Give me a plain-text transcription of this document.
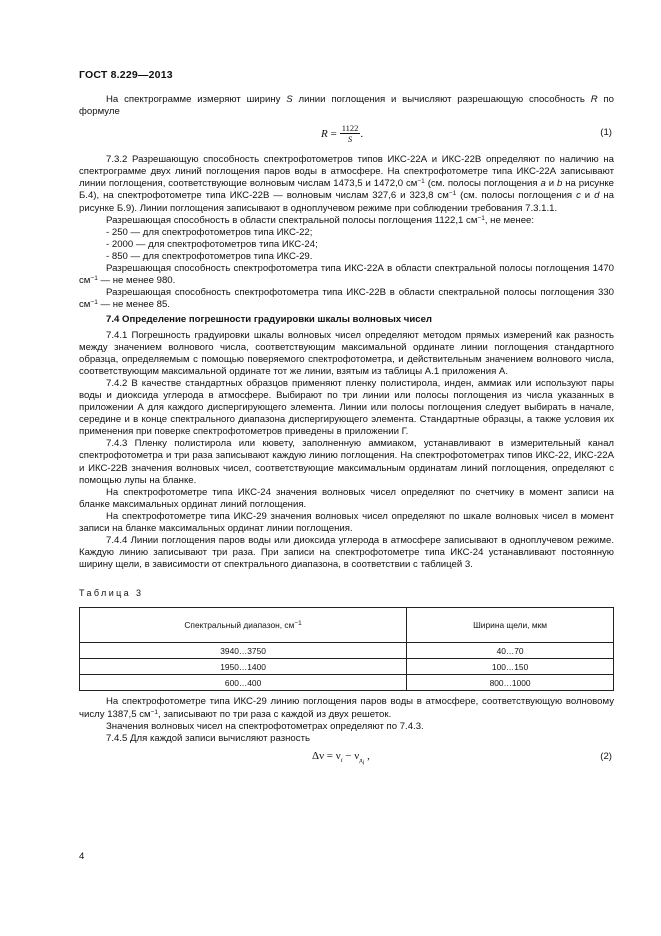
ГОСТ 8.229—2013

На спектрограмме измеряют ширину S линии поглощения и вычисляют разрешающую способность R по формуле

R
= $\frac{1122}{S}$ .	(1)

7.3.2 Разрешающую способность спектрофотометров типов ИКС-22А и ИКС-22В определяют по наличию на спектрограмме двух линий поглощения паров воды в атмосфере. На спектрофотометре типа ИКС-22А записывают линии поглощения, соответствующие волновым числам 1473,5 и 1472,0 $см^{-1}$ (см. полосы поглощения a и b на рисунке Б.4), на спектрофотометре типа ИКС-22В — волновым числам 327,6 и 323,8 $см^{-1}$ (см. полосы поглощения c и d на рисунке Б.9). Линии поглощения записывают в одноплучевом режиме при соблюдении требования 7.3.1.1.

Разрешающая способность в области спектральной полосы поглощения 1122,1 $см^{-1}$, не менее:

- 250 — для спектрофотометров типа ИКС-22;

- 2000 — для спектрофотометров типа ИКС-24;

- 850 — для спектрофотометров типа ИКС-29.

Разрешающая способность спектрофотометра типа ИКС-22А в области спектральной полосы поглощения 1470 $см^{-1}$ — не менее 980.

Разрешающая способность спектрофотометра типа ИКС-22В в области спектральной полосы поглощения 330 $см^{-1}$ — не менее 85.

7.4 Определение погрешности градуировки шкалы волновых чисел

7.4.1 Погрешность градуировки шкалы волновых чисел определяют методом прямых измерений как разность между значением волнового числа, соответствующим максимальной ординате линии поглощения стандартного образца, определяемым с помощью поверяемого спектрофотометра, и действительным значением волнового числа, соответствующим максимальной ординате тот же линии, взятым из таблицы А.1 приложения А.

7.4.2 В качестве стандартных образцов применяют пленку полистирола, инден, аммиак или используют пары воды и диоксида углерода в атмосфере. Выбирают по три линии или полосы поглощения из числа указанных в приложении А для каждого диспергирующего элемента. Линии или полосы поглощения следует выбирать в начале, середине и в конце спектрального диапазона диспергирующего элемента. Стандартные образцы, а также условия их применения при поверке спектрофотометров приведены в приложении Г.

7.4.3 Пленку полистирола или кювету, заполненную аммиаком, устанавливают в измерительный канал спектрофотометра и три раза записывают каждую линию поглощения. На спектрофотометрах типов ИКС-22, ИКС-22А и ИКС-22В значения волновых чисел, соответствующие максимальным ординатам линий поглощения, определяют с помощью лупы на бланке.

На спектрофотометре типа ИКС-24 значения волновых чисел определяют по счетчику в момент записи на бланке максимальных ординат линий поглощения.

На спектрофотометре типа ИКС-29 значения волновых чисел определяют по шкале волновых чисел в момент записи на бланке максимальных ординат линии поглощения.

7.4.4 Линии поглощения паров воды или диоксида углерода в атмосфере записывают в одноплучевом режиме. Каждую линию записывают три раза. При записи на спектрофотометре типа ИКС-24 устанавливают постоянную ширину щели, в зависимости от спектрального диапазона, в соответствии с таблицей 3.

Таблица 3

Спектральный диапазон, $см^{-1}$	Ширина щели, мкм
3940…3750	40…70
1950…1400	100…150
600…400	800…1000

На спектрофотометре типа ИКС-29 линию поглощения паров воды в атмосфере, соответствующую волновому числу 1387,5 $см^{-1}$, записывают по три раза с каждой из двух решеток.

Значения волновых чисел на спектрофотометрах определяют по 7.4.3.

7.4.5 Для каждой записи вычисляют разность

$\Delta\nu = \nu_i - \nu_{д_i}$ ,	(2)
4
